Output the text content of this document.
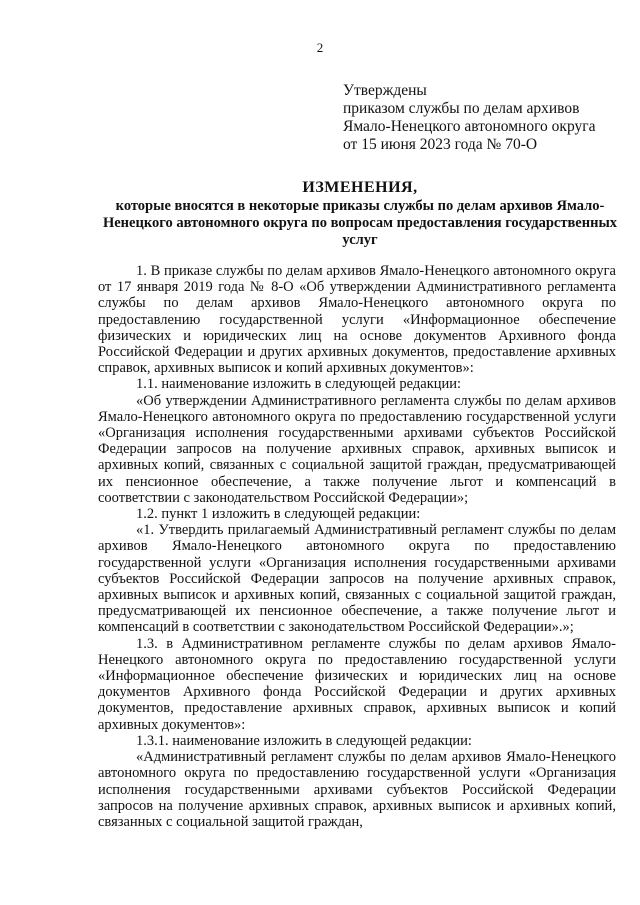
2
Утверждены
приказом службы по делам архивов
Ямало-Ненецкого автономного округа
от 15 июня 2023 года № 70-О
ИЗМЕНЕНИЯ,
которые вносятся в некоторые приказы службы по делам архивов Ямало-Ненецкого автономного округа по вопросам предоставления государственных услуг

1. В приказе службы по делам архивов Ямало-Ненецкого автономного округа от 17 января 2019 года № 8-О «Об утверждении Административного регламента службы по делам архивов Ямало-Ненецкого автономного округа по предоставлению государственной услуги «Информационное обеспечение физических и юридических лиц на основе документов Архивного фонда Российской Федерации и других архивных документов, предоставление архивных справок, архивных выписок и копий архивных документов»:

1.1. наименование изложить в следующей редакции:

«Об утверждении Административного регламента службы по делам архивов Ямало-Ненецкого автономного округа по предоставлению государственной услуги «Организация исполнения государственными архивами субъектов Российской Федерации запросов на получение архивных справок, архивных выписок и архивных копий, связанных с социальной защитой граждан, предусматривающей их пенсионное обеспечение, а также получение льгот и компенсаций в соответствии с законодательством Российской Федерации»;

1.2. пункт 1 изложить в следующей редакции:

«1. Утвердить прилагаемый Административный регламент службы по делам архивов Ямало-Ненецкого автономного округа по предоставлению государственной услуги «Организация исполнения государственными архивами субъектов Российской Федерации запросов на получение архивных справок, архивных выписок и архивных копий, связанных с социальной защитой граждан, предусматривающей их пенсионное обеспечение, а также получение льгот и компенсаций в соответствии с законодательством Российской Федерации».»;

1.3. в Административном регламенте службы по делам архивов Ямало-Ненецкого автономного округа по предоставлению государственной услуги «Информационное обеспечение физических и юридических лиц на основе документов Архивного фонда Российской Федерации и других архивных документов, предоставление архивных справок, архивных выписок и копий архивных документов»:

1.3.1. наименование изложить в следующей редакции:

«Административный регламент службы по делам архивов Ямало-Ненецкого автономного округа по предоставлению государственной услуги «Организация исполнения государственными архивами субъектов Российской Федерации запросов на получение архивных справок, архивных выписок и архивных копий, связанных с социальной защитой граждан,
